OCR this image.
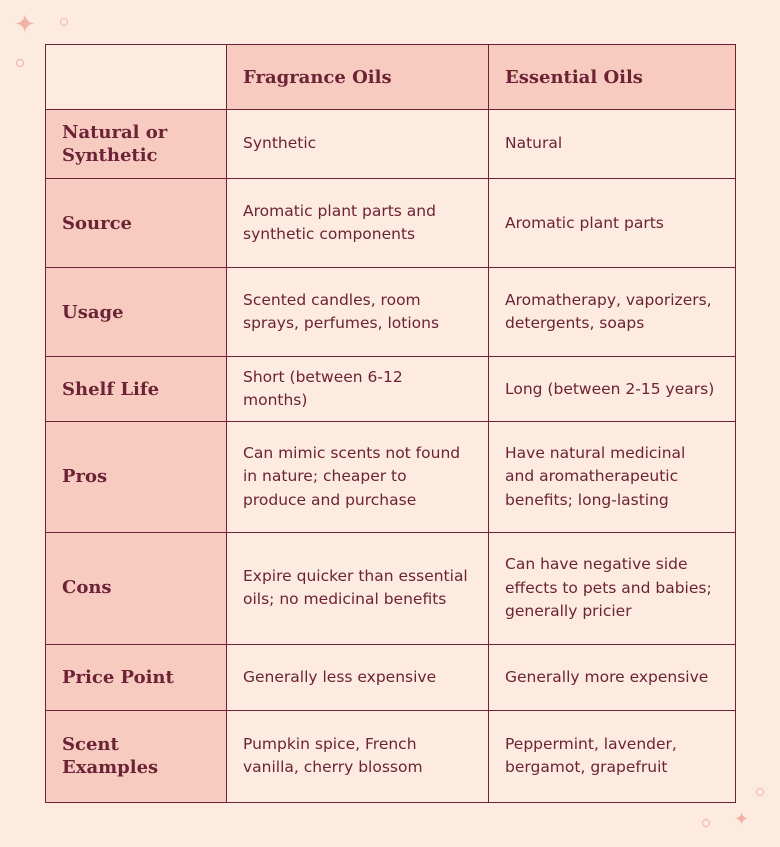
✦
✦
	Fragrance Oils	Essential Oils
Natural or Synthetic	Synthetic	Natural
Source	Aromatic plant parts and synthetic components	Aromatic plant parts
Usage	Scented candles, room sprays, perfumes, lotions	Aromatherapy, vaporizers, detergents, soaps
Shelf Life	Short (between 6-12 months)	Long (between 2-15 years)
Pros	Can mimic scents not found in nature; cheaper to produce and purchase	Have natural medicinal and aromatherapeutic benefits; long-lasting
Cons	Expire quicker than essential oils; no medicinal benefits	Can have negative side effects to pets and babies; generally pricier
Price Point	Generally less expensive	Generally more expensive
Scent Examples	Pumpkin spice, French vanilla, cherry blossom	Peppermint, lavender, bergamot, grapefruit
